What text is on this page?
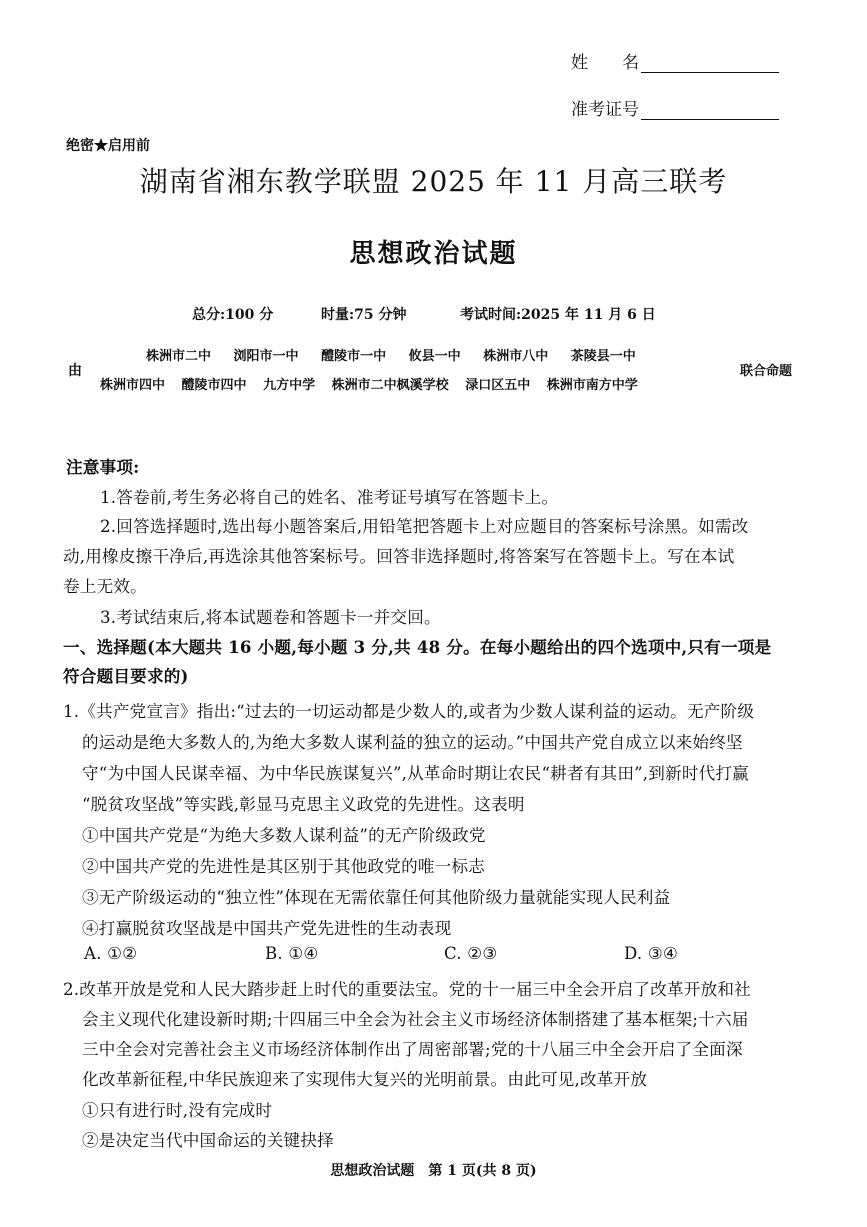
姓　　名
准考证号
绝密★启用前
湖南省湘东教学联盟 2025 年 11 月高三联考
思想政治试题
总分:100 分	时量:75 分钟	考试时间:2025 年 11 月 6 日
由
株洲市二中 浏阳市一中 醴陵市一中 攸县一中 株洲市八中 茶陵县一中
株洲市四中 醴陵市四中 九方中学 株洲市二中枫溪学校 渌口区五中 株洲市南方中学
联合命题
注意事项:
1.答卷前,考生务必将自己的姓名、准考证号填写在答题卡上。
2.回答选择题时,选出每小题答案后,用铅笔把答题卡上对应题目的答案标号涂黑。如需改
动,用橡皮擦干净后,再选涂其他答案标号。回答非选择题时,将答案写在答题卡上。写在本试
卷上无效。
3.考试结束后,将本试题卷和答题卡一并交回。
一、选择题(本大题共 16 小题,每小题 3 分,共 48 分。在每小题给出的四个选项中,只有一项是
符合题目要求的)
1.《共产党宣言》指出:“过去的一切运动都是少数人的,或者为少数人谋利益的运动。无产阶级
的运动是绝大多数人的,为绝大多数人谋利益的独立的运动。”中国共产党自成立以来始终坚
守“为中国人民谋幸福、为中华民族谋复兴”,从革命时期让农民“耕者有其田”,到新时代打赢
“脱贫攻坚战”等实践,彰显马克思主义政党的先进性。这表明
①中国共产党是“为绝大多数人谋利益”的无产阶级政党
②中国共产党的先进性是其区别于其他政党的唯一标志
③无产阶级运动的“独立性”体现在无需依靠任何其他阶级力量就能实现人民利益
④打赢脱贫攻坚战是中国共产党先进性的生动表现
A. ①②	B. ①④	C. ②③	D. ③④
2.改革开放是党和人民大踏步赶上时代的重要法宝。党的十一届三中全会开启了改革开放和社
会主义现代化建设新时期;十四届三中全会为社会主义市场经济体制搭建了基本框架;十六届
三中全会对完善社会主义市场经济体制作出了周密部署;党的十八届三中全会开启了全面深
化改革新征程,中华民族迎来了实现伟大复兴的光明前景。由此可见,改革开放
①只有进行时,没有完成时
②是决定当代中国命运的关键抉择
思想政治试题　第 1 页(共 8 页)
